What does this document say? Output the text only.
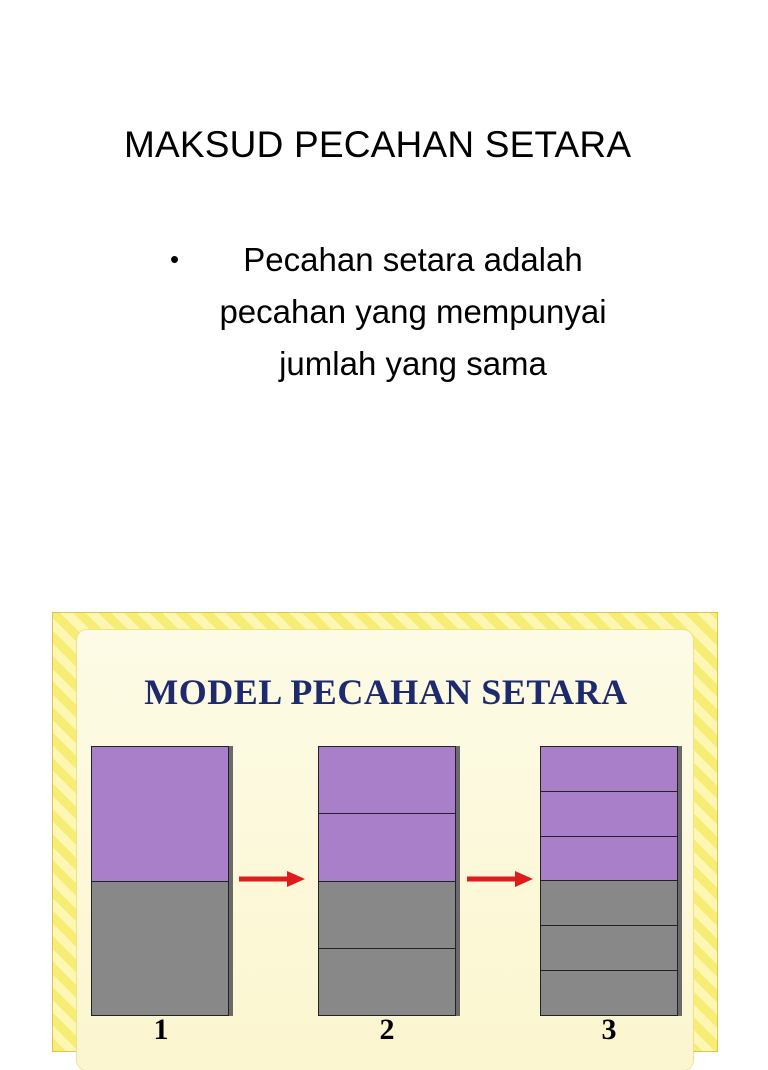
MAKSUD PECAHAN SETARA
•	Pecahan setara adalah pecahan yang mempunyai jumlah yang sama

MODEL PECAHAN SETARA
1	2	3
